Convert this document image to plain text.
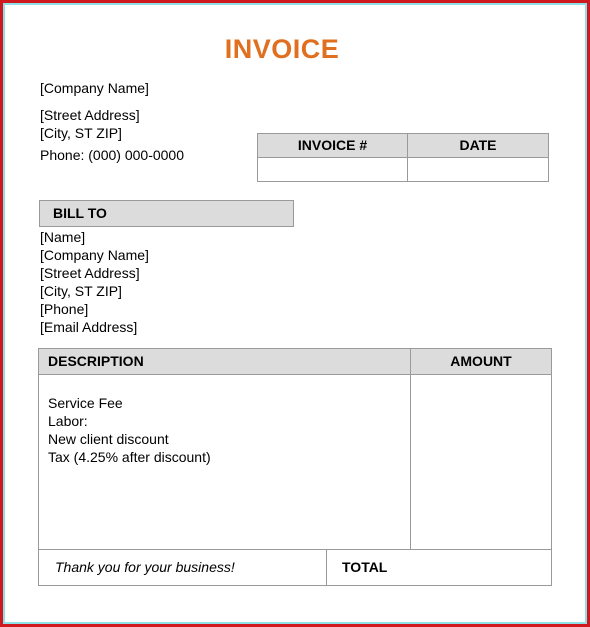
INVOICE
[Company Name]
[Street Address]
[City, ST ZIP]
Phone: (000) 000-0000
INVOICE #	DATE
BILL TO
[Name]
[Company Name]
[Street Address]
[City, ST ZIP]
[Phone]
[Email Address]
DESCRIPTION	AMOUNT
Service Fee
Labor:
New client discount
Tax (4.25% after discount)
Thank you for your business!	TOTAL
